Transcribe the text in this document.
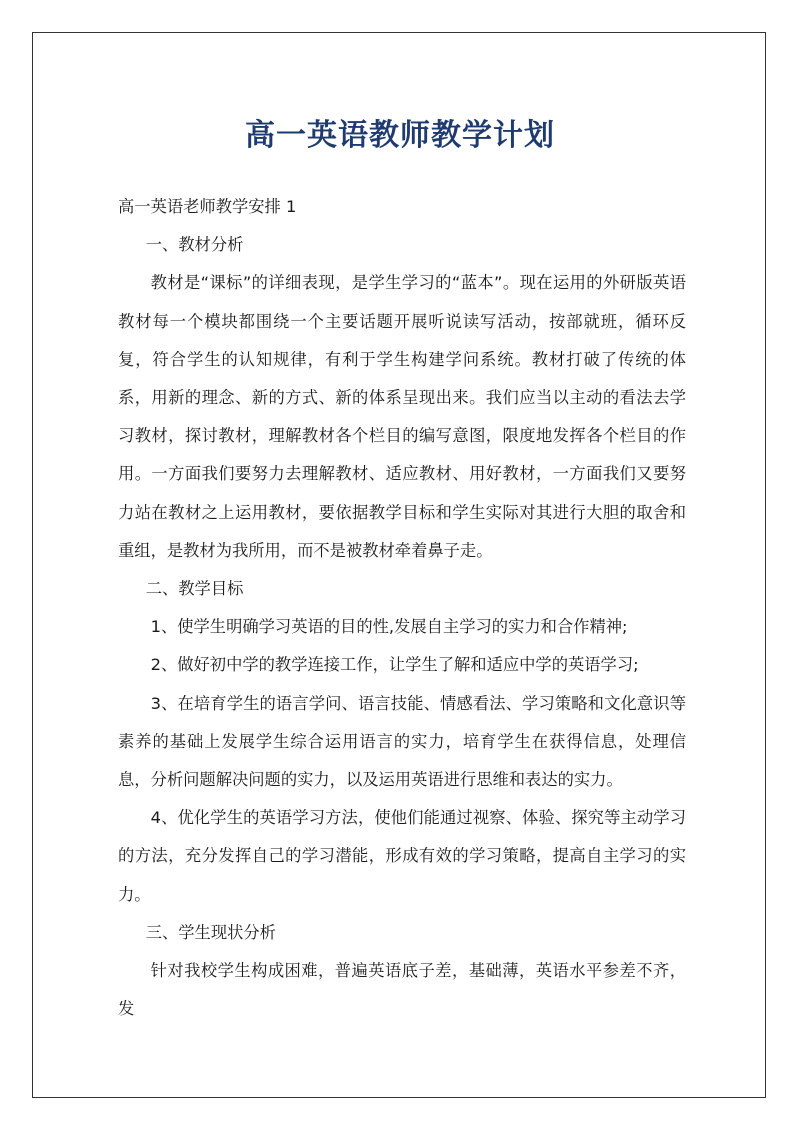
高一英语教师教学计划

高一英语老师教学安排 1

一、教材分析

教材是“课标”的详细表现，是学生学习的“蓝本”。现在运用的外研版英语教材每一个模块都围绕一个主要话题开展听说读写活动，按部就班，循环反复，符合学生的认知规律，有利于学生构建学问系统。教材打破了传统的体系，用新的理念、新的方式、新的体系呈现出来。我们应当以主动的看法去学习教材，探讨教材，理解教材各个栏目的编写意图，限度地发挥各个栏目的作用。一方面我们要努力去理解教材、适应教材、用好教材，一方面我们又要努力站在教材之上运用教材，要依据教学目标和学生实际对其进行大胆的取舍和重组，是教材为我所用，而不是被教材牵着鼻子走。

二、教学目标

1、使学生明确学习英语的目的性,发展自主学习的实力和合作精神;

2、做好初中学的教学连接工作，让学生了解和适应中学的英语学习;

3、在培育学生的语言学问、语言技能、情感看法、学习策略和文化意识等素养的基础上发展学生综合运用语言的实力，培育学生在获得信息，处理信息，分析问题解决问题的实力，以及运用英语进行思维和表达的实力。

4、优化学生的英语学习方法，使他们能通过视察、体验、探究等主动学习的方法，充分发挥自己的学习潜能，形成有效的学习策略，提高自主学习的实力。

三、学生现状分析

针对我校学生构成困难，普遍英语底子差，基础薄，英语水平参差不齐，发
